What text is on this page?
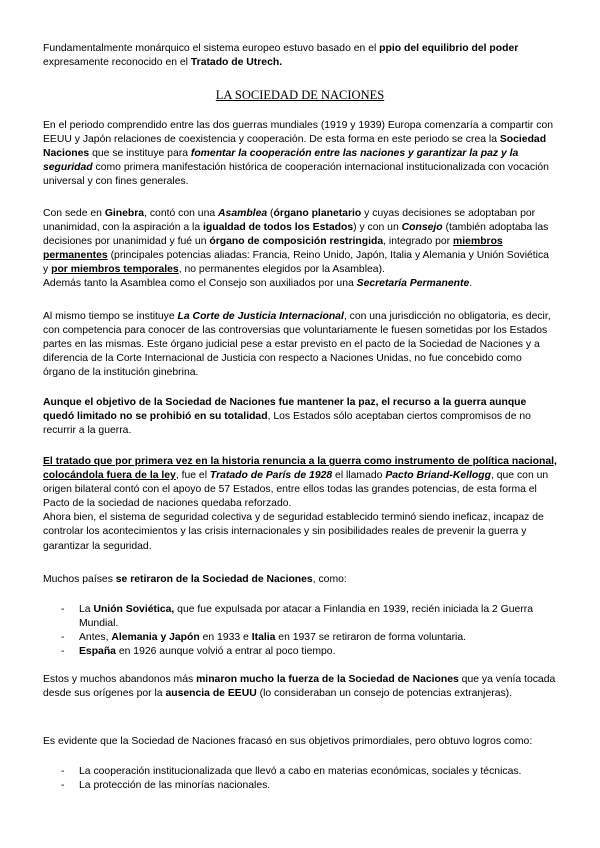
Fundamentalmente monárquico el sistema europeo estuvo basado en el ppio del equilibrio del poder expresamente reconocido en el Tratado de Utrech.

LA SOCIEDAD DE NACIONES

En el periodo comprendido entre las dos guerras mundiales (1919 y 1939) Europa comenzaría a compartir con EEUU y Japón relaciones de coexistencia y cooperación. De esta forma en este periodo se crea la Sociedad Naciones que se instituye para fomentar la cooperación entre las naciones y garantizar la paz y la seguridad como primera manifestación histórica de cooperación internacional institucionalizada con vocación universal y con fines generales.

Con sede en Ginebra, contó con una Asamblea (órgano planetario y cuyas decisiones se adoptaban por unanimidad, con la aspiración a la igualdad de todos los Estados) y con un Consejo (también adoptaba las decisiones por unanimidad y fué un órgano de composición restringida, integrado por miembros permanentes (principales potencias aliadas: Francia, Reino Unido, Japón, Italia y Alemania y Unión Soviética y por miembros temporales, no permanentes elegidos por la Asamblea).
Además tanto la Asamblea como el Consejo son auxiliados por una Secretaría Permanente.

Al mismo tiempo se instituye La Corte de Justicia Internacional, con una jurisdicción no obligatoria, es decir, con competencia para conocer de las controversias que voluntariamente le fuesen sometidas por los Estados partes en las mismas. Este órgano judicial pese a estar previsto en el pacto de la Sociedad de Naciones y a diferencia de la Corte Internacional de Justicia con respecto a Naciones Unidas, no fue concebido como órgano de la institución ginebrina.

Aunque el objetivo de la Sociedad de Naciones fue mantener la paz, el recurso a la guerra aunque quedó limitado no se prohibió en su totalidad, Los Estados sólo aceptaban ciertos compromisos de no recurrir a la guerra.

El tratado que por primera vez en la historia renuncia a la guerra como instrumento de política nacional, colocándola fuera de la ley, fue el Tratado de París de 1928 el llamado Pacto Briand-Kellogg, que con un origen bilateral contó con el apoyo de 57 Estados, entre ellos todas las grandes potencias, de esta forma el Pacto de la sociedad de naciones quedaba reforzado.
Ahora bien, el sistema de seguridad colectiva y de seguridad establecido terminó siendo ineficaz, incapaz de controlar los acontecimientos y las crisis internacionales y sin posibilidades reales de prevenir la guerra y garantizar la seguridad.

Muchos países se retiraron de la Sociedad de Naciones, como:

- La Unión Soviética, que fue expulsada por atacar a Finlandia en 1939, recién iniciada la 2 Guerra Mundial.
- Antes, Alemania y Japón en 1933 e Italia en 1937 se retiraron de forma voluntaria.
- España en 1926 aunque volvió a entrar al poco tiempo.

Estos y muchos abandonos más minaron mucho la fuerza de la Sociedad de Naciones que ya venía tocada desde sus orígenes por la ausencia de EEUU (lo consideraban un consejo de potencias extranjeras).

Es evidente que la Sociedad de Naciones fracasó en sus objetivos primordiales, pero obtuvo logros como:

- La cooperación institucionalizada que llevó a cabo en materias económicas, sociales y técnicas.
- La protección de las minorías nacionales.
